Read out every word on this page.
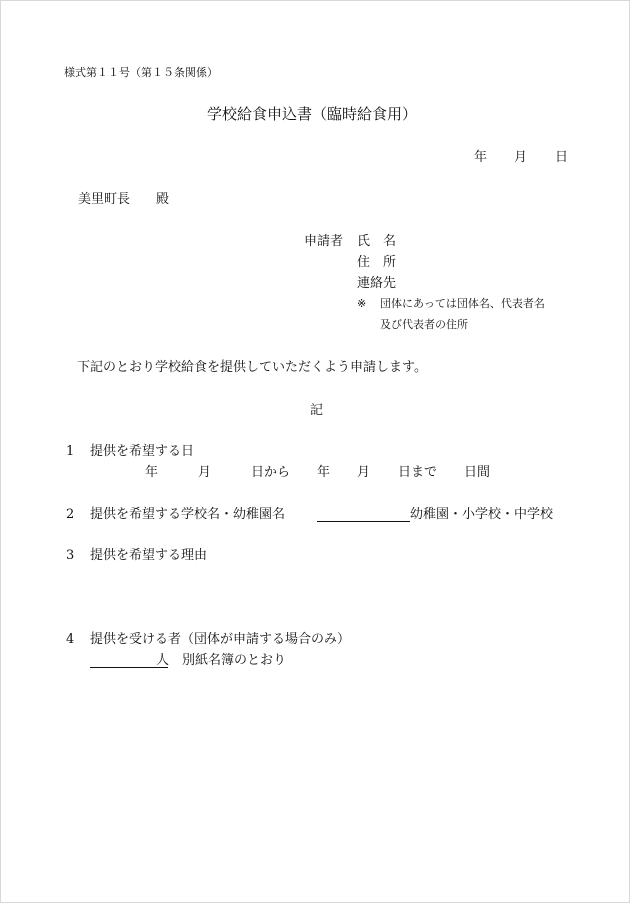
様式第１１号（第１５条関係）
学校給食申込書（臨時給食用）
年 月 日
美里町長 殿
申請者 氏　名
住　所
連絡先
※ 団体にあっては団体名、代表者名
及び代表者の住所
下記のとおり学校給食を提供していただくよう申請します。
記
1 提供を希望する日
年	月	日から 年 月 日まで 日間
2 提供を希望する学校名・幼稚園名	幼稚園・小学校・中学校
3 提供を希望する理由
4 提供を受ける者（団体が申請する場合のみ）
人 別紙名簿のとおり
